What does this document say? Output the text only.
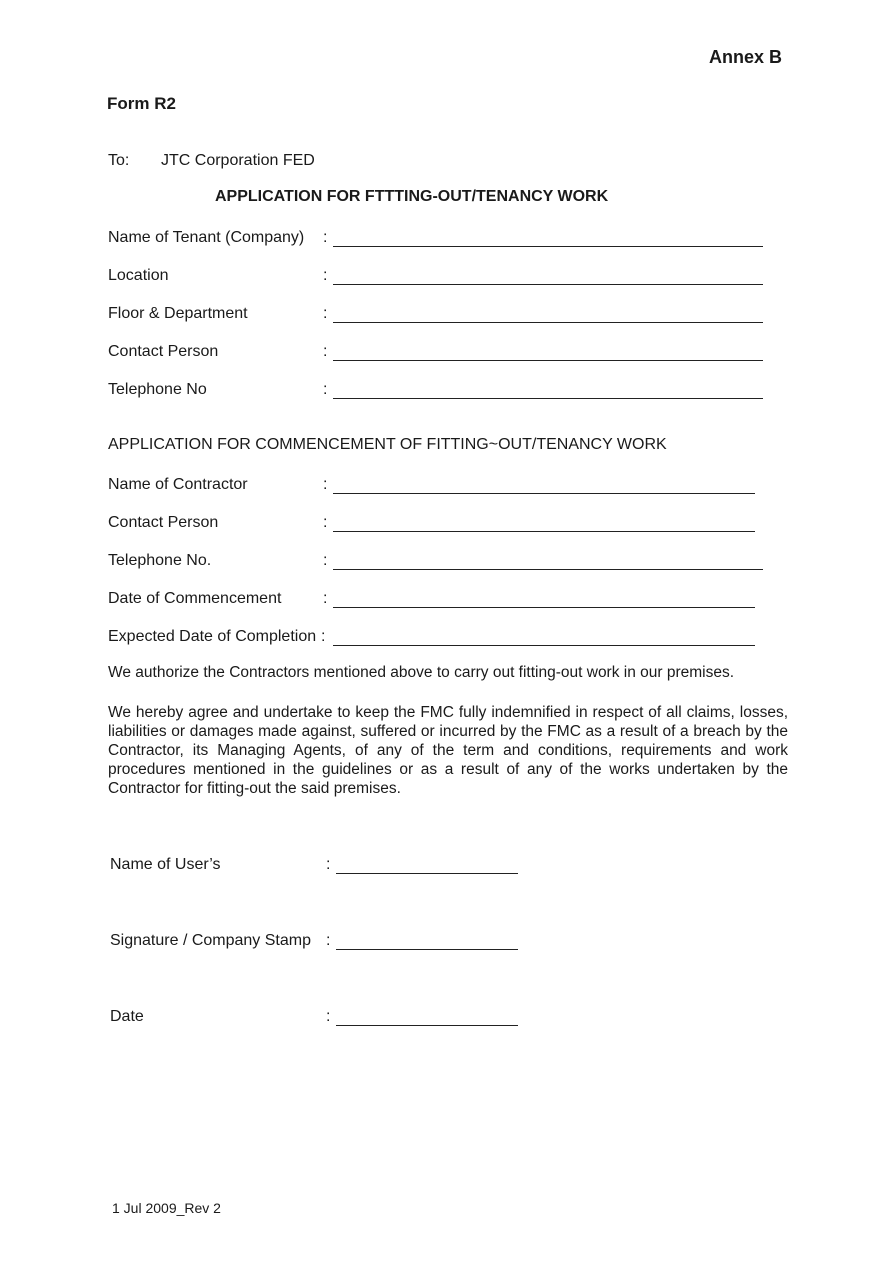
Annex B
Form R2
To: JTC Corporation FED
APPLICATION FOR FTTTING-OUT/TENANCY WORK
Name of Tenant (Company) :
Location	:
Floor & Department	:
Contact Person	:
Telephone No	:
APPLICATION FOR COMMENCEMENT OF FITTING~OUT/TENANCY WORK
Name of Contractor	:
Contact Person	:
Telephone No.	:
Date of Commencement	:
Expected Date of Completion :
We authorize the Contractors mentioned above to carry out fitting-out work in our premises.
We hereby agree and undertake to keep the FMC fully indemnified in respect of all claims, losses, liabilities or damages made against, suffered or incurred by the FMC as a result of a breach by the Contractor, its Managing Agents, of any of the term and conditions, requirements and work procedures mentioned in the guidelines or as a result of any of the works undertaken by the Contractor for fitting-out the said premises.
Name of User’s	:
Signature / Company Stamp :
Date	:
1 Jul 2009_Rev 2
